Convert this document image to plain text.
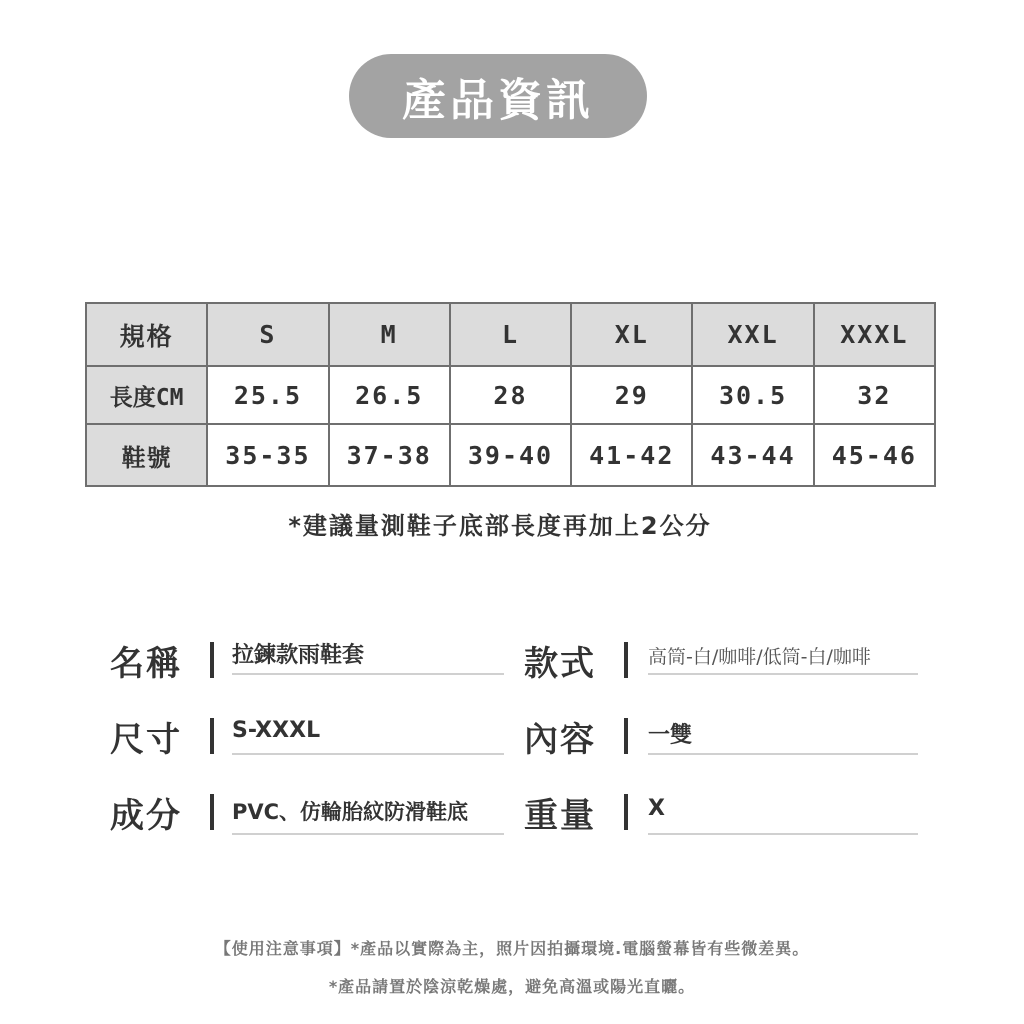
產品資訊
規格	S	M	L	XL	XXL	XXXL
長度CM	25.5	26.5	28	29	30.5	32
鞋號	35-35	37-38	39-40	41-42	43-44	45-46
*建議量測鞋子底部長度再加上2公分
名稱 拉鍊款雨鞋套	款式	高筒-白/咖啡/低筒-白/咖啡
尺寸 S-XXXL	內容 一雙
成分 PVC、仿輪胎紋防滑鞋底 重量 X
【使用注意事項】*產品以實際為主，照片因拍攝環境.電腦螢幕皆有些微差異。
*產品請置於陰涼乾燥處，避免高溫或陽光直曬。
